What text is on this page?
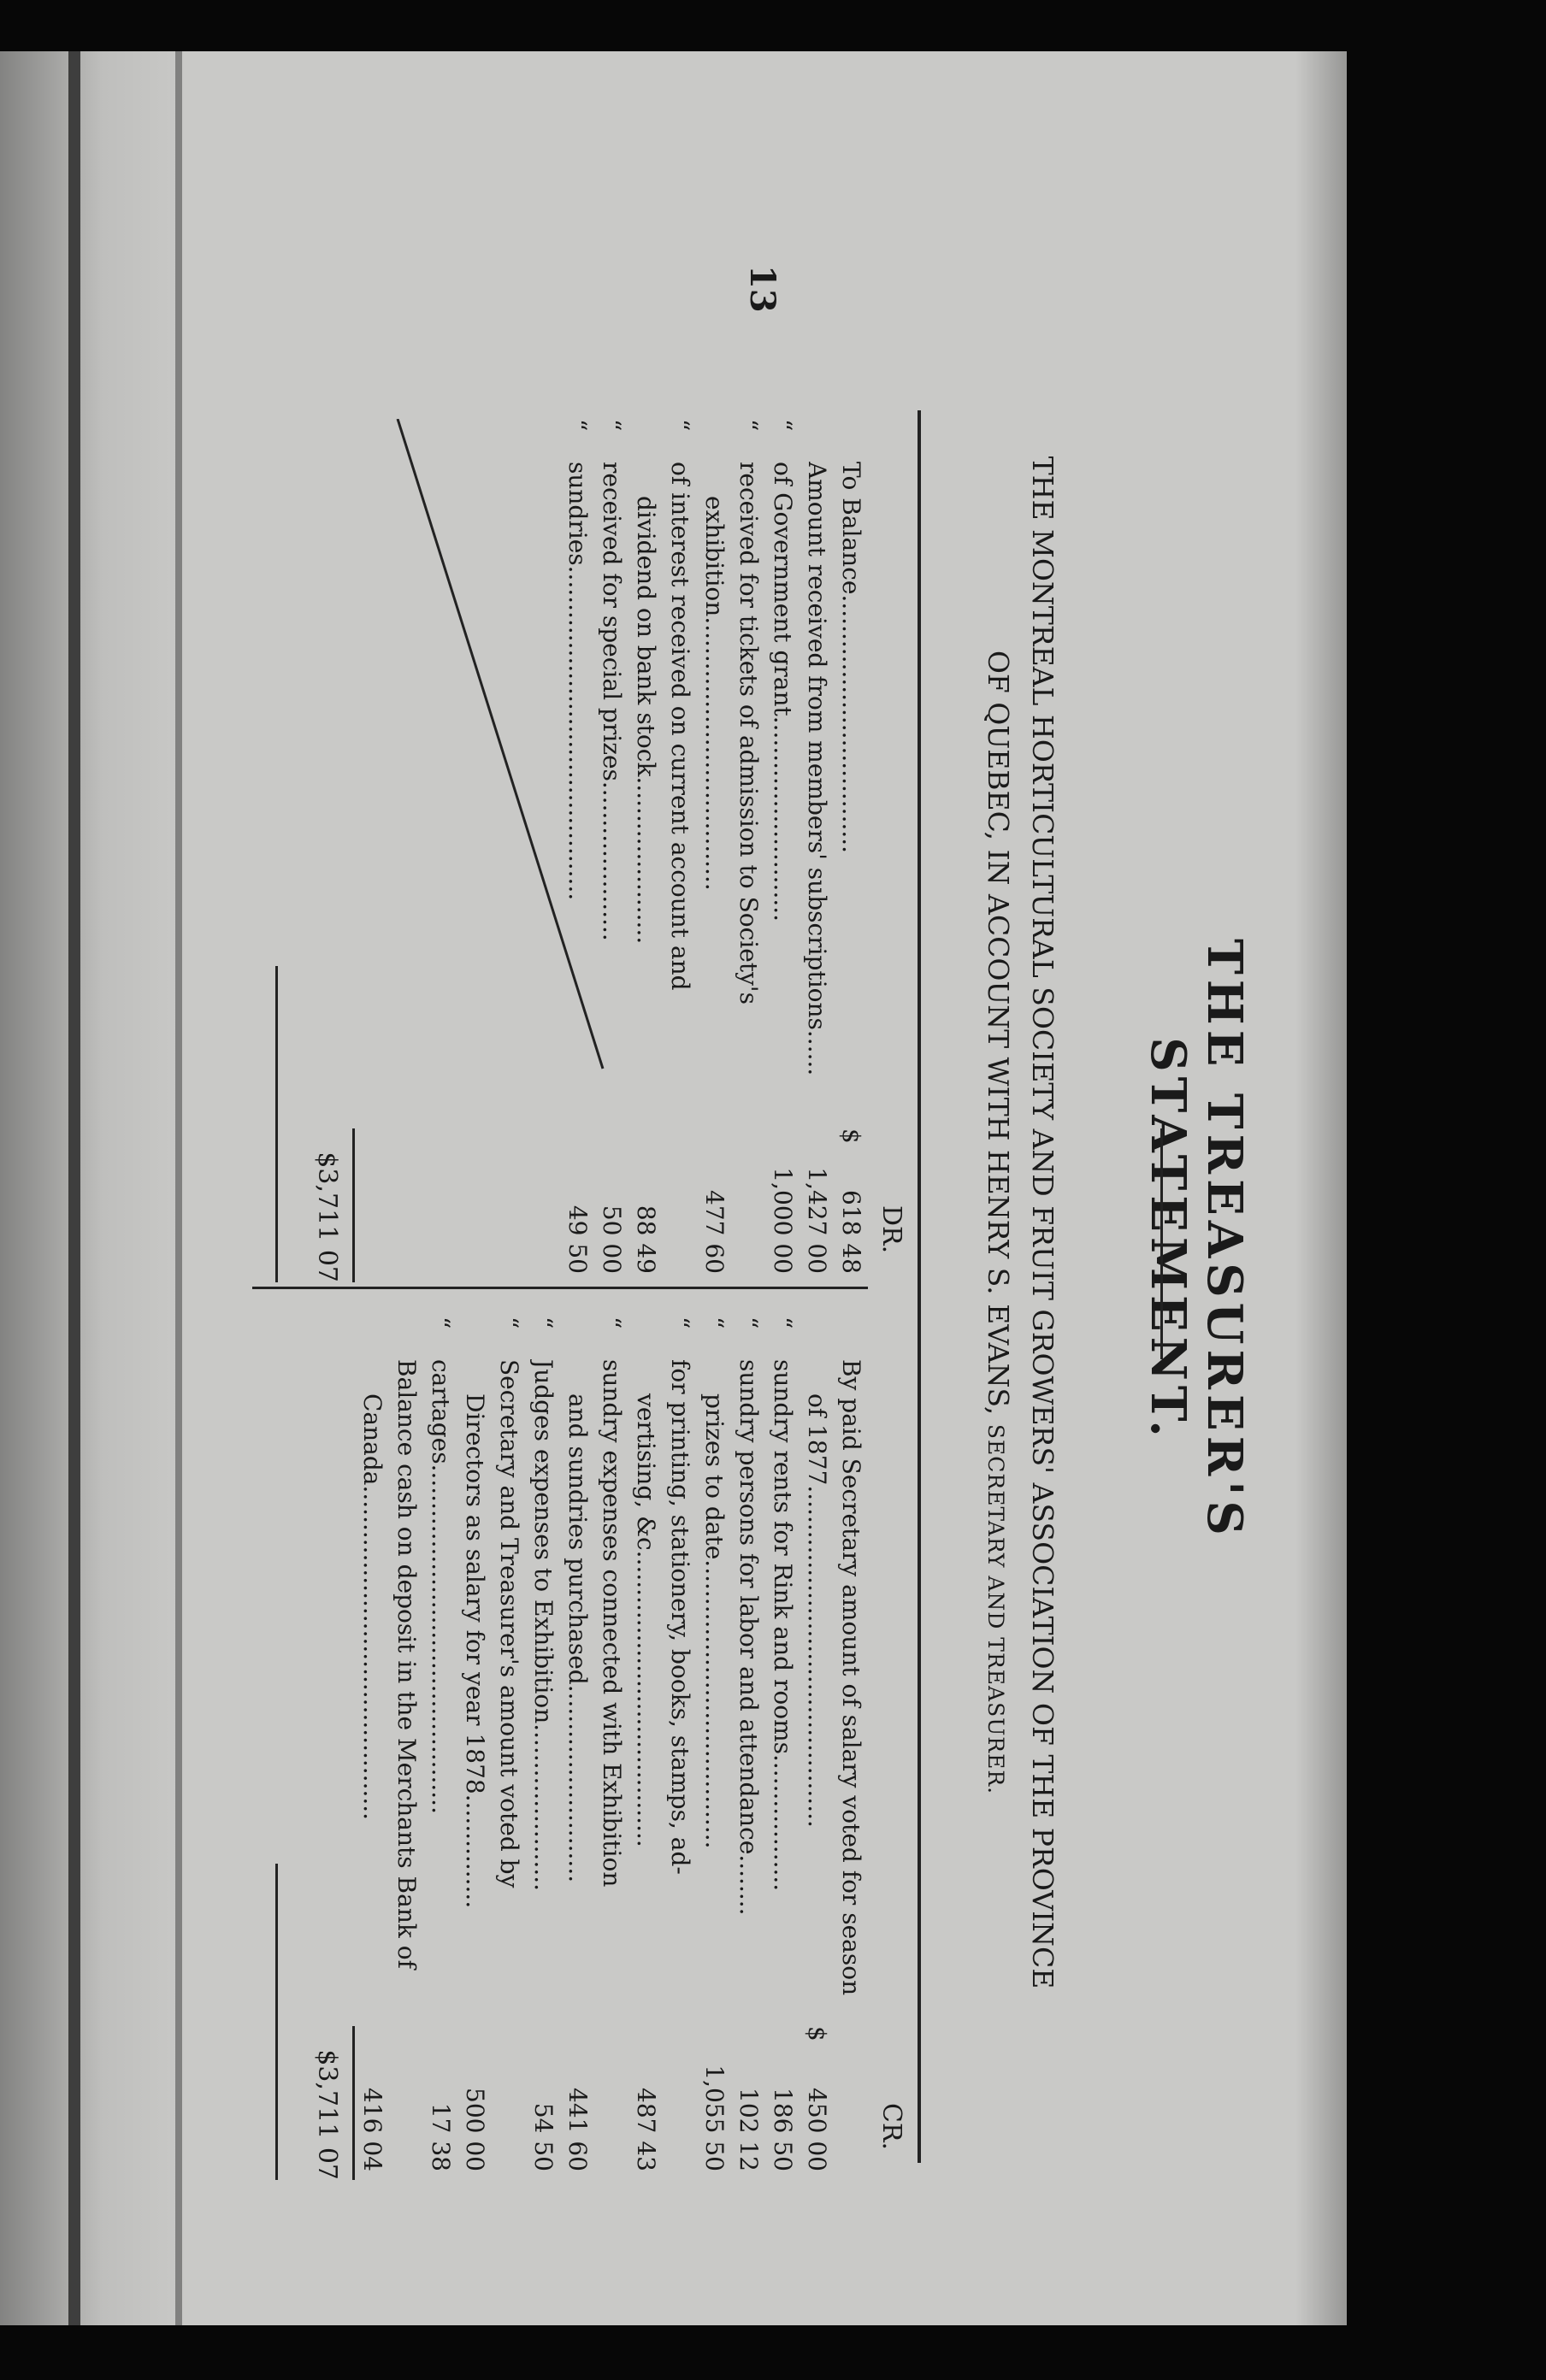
13
THE TREASURER'S STATEMENT.
THE MONTREAL HORTICULTURAL SOCIETY AND FRUIT GROWERS' ASSOCIATION OF THE PROVINCE
OF QUEBEC, IN ACCOUNT WITH HENRY S. EVANS, SECRETARY AND TREASURER.
DR.
CR.
To Balance..................................
$
618 48
Amount received from members' subscriptions......
1,427 00
“
of Government grant...........................
1,000 00
“
received for tickets of admission to Society's
exhibition....................................
477 60
“
of interest received on current account and
dividend on bank stock......................
88 49
“
received for special prizes.....................
50 00
“
sundries............................................
49 50
By paid Secretary amount of salary voted for season
of 1877.............................................
$
450 00
“
sundry rents for Rink and rooms..................
186 50
“
sundry persons for labor and attendance........
102 12
“
prizes to date......................................
1,055 50
“
for printing, stationery, books, stamps, ad-
vertising, &c.......................................
487 43
“
sundry expenses connected with Exhibition
and sundries purchased..........................
441 60
“
Judges expenses to Exhibition......................
54 50
“
Secretary and Treasurer's amount voted by
Directors as salary for year 1878...............
500 00
“
cartages..............................................
17 38
Balance cash on deposit in the Merchants Bank of
Canada............................................
416 04
$3,711 07
$3,711 07
